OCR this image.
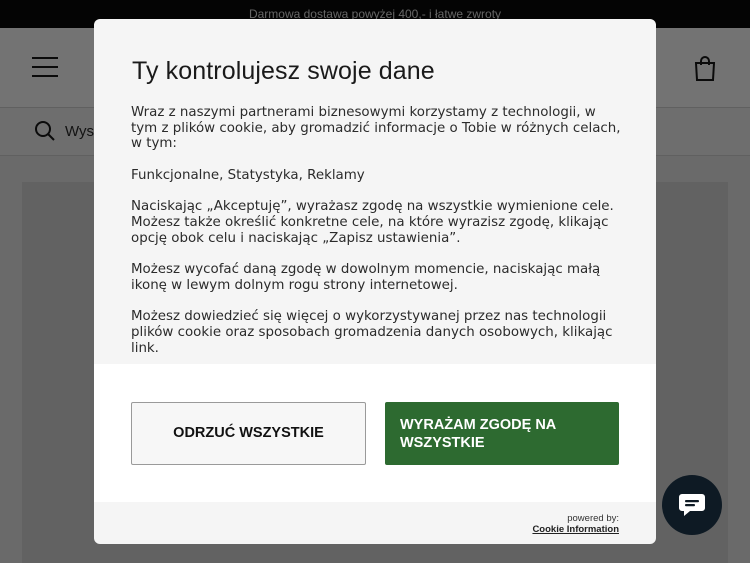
Ty kontrolujesz swoje dane

Wraz z naszymi partnerami biznesowymi korzystamy z technologii, w tym z plików cookie, aby gromadzić informacje o Tobie w różnych celach, w tym:

Funkcjonalne, Statystyka, Reklamy

Naciskając „Akceptuję”, wyrażasz zgodę na wszystkie wymienione cele. Możesz także określić konkretne cele, na które wyrazisz zgodę, klikając opcję obok celu i naciskając „Zapisz ustawienia”.

Możesz wycofać daną zgodę w dowolnym momencie, naciskając małą ikonę w lewym dolnym rogu strony internetowej.

Możesz dowiedzieć się więcej o wykorzystywanej przez nas technologii plików cookie oraz sposobach gromadzenia danych osobowych, klikając link.

ODRZUĆ WSZYSTKIE	WYRAŻAM ZGODĘ NA WSZYSTKIE
powered by:
Cookie Information
